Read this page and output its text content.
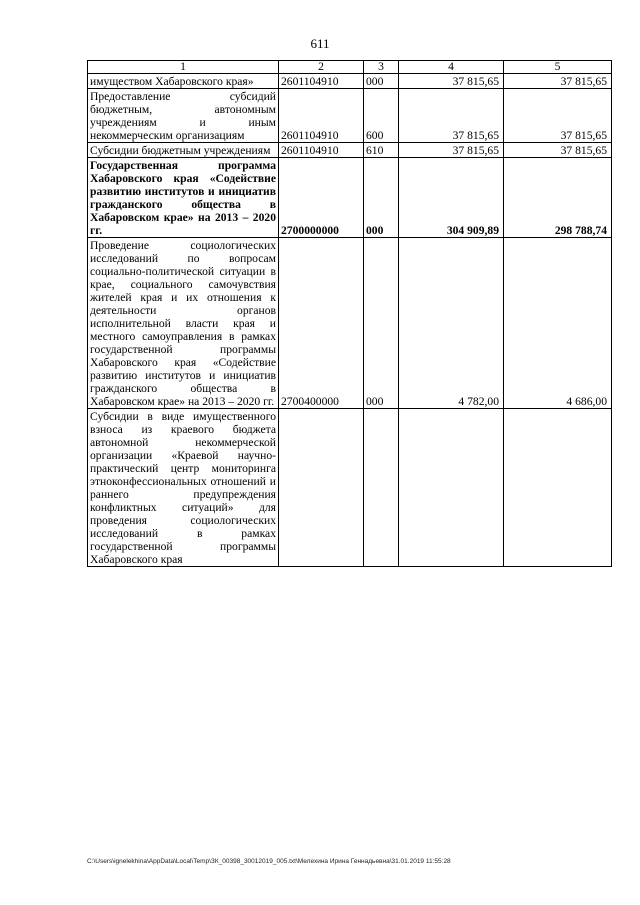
611
1	2	3	4	5

имуществом Хабаровского края»	2601104910	000	37 815,65	37 815,65

Предоставление субсидий бюджетным, автономным учреждениям и иным некоммерческим организациям	2601104910	600	37 815,65	37 815,65

Субсидии бюджетным учреждениям	2601104910	610	37 815,65	37 815,65

Государственная программа Хабаровского края «Содействие развитию институтов и инициатив гражданского общества в Хабаровском крае» на 2013 – 2020 гг.	2700000000	000	304 909,89	298 788,74

Проведение социологических исследований по вопросам социально-политической ситуации в крае, социального самочувствия жителей края и их отношения к деятельности органов исполнительной власти края и местного самоуправления в рамках государственной программы Хабаровского края «Содействие развитию институтов и инициатив гражданского общества в Хабаровском крае» на 2013 – 2020 гг.	2700400000	000	4 782,00	4 686,00

Субсидии в виде имущественного взноса из краевого бюджета автономной некоммерческой организации «Краевой научно-практический центр мониторинга этноконфессиональных отношений и раннего предупреждения конфликтных ситуаций» для проведения социологических исследований в рамках государственной программы Хабаровского края				

C:\Users\ignelekhina\AppData\Local\Temp\ЗК_00398_30012019_005.txt\Мелехина Ирина Геннадьевна\31.01.2019 11:55:28
